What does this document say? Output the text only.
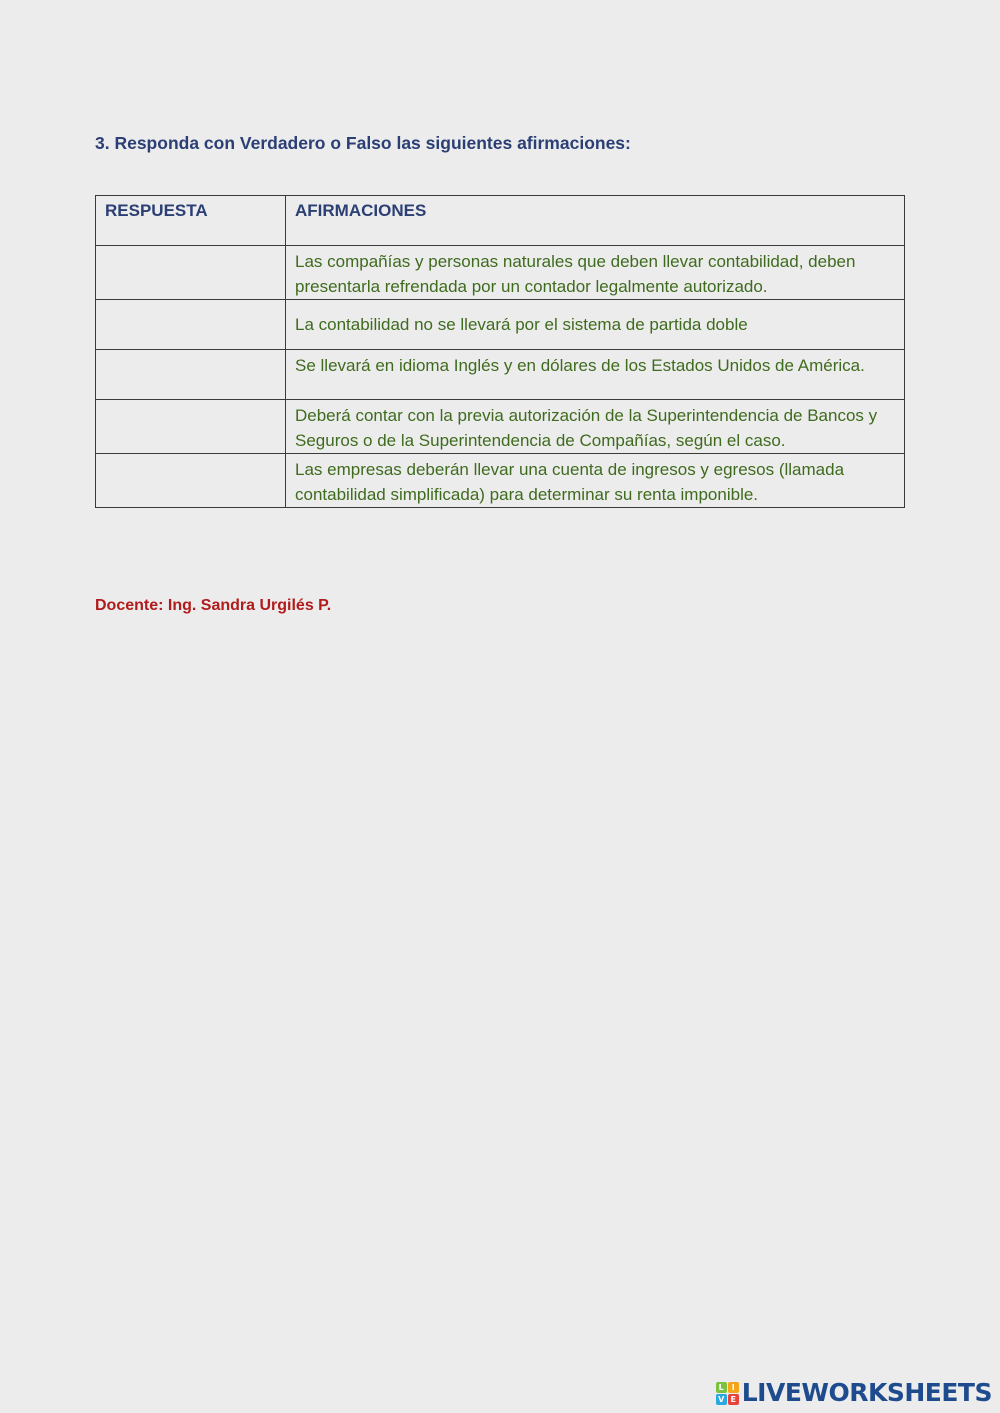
3. Responda con Verdadero o Falso las siguientes afirmaciones:
RESPUESTA	AFIRMACIONES

	Las compañías y personas naturales que deben llevar contabilidad, deben presentarla refrendada por un contador legalmente autorizado.

	La contabilidad no se llevará por el sistema de partida doble

	Se llevará en idioma Inglés y en dólares de los Estados Unidos de América.

	Deberá contar con la previa autorización de la Superintendencia de Bancos y Seguros o de la Superintendencia de Compañías, según el caso.

	Las empresas deberán llevar una cuenta de ingresos y egresos (llamada contabilidad simplificada) para determinar su renta imponible.
Docente: Ing. Sandra Urgilés P.
L I
V E LIVEWORKSHEETS
